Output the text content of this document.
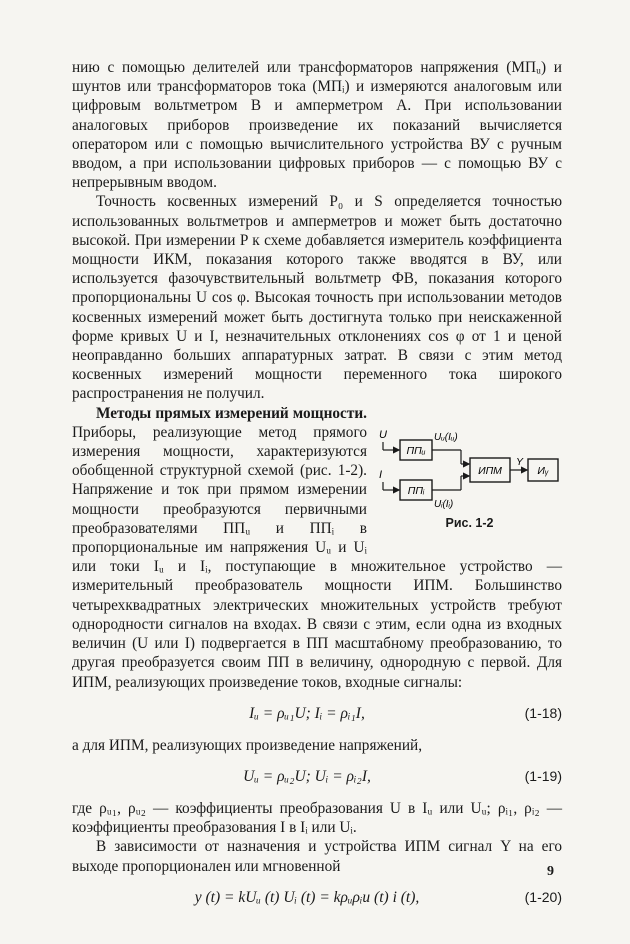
нию с помощью делителей или трансформаторов напряжения (МПᵤ) и шунтов или трансформаторов тока (МПᵢ) и измеряются аналоговым или цифровым вольтметром В и амперметром А. При использовании аналоговых приборов произведение их показаний вычисляется оператором или с помощью вычислительного устройства ВУ с ручным вводом, а при использовании цифровых приборов — с помощью ВУ с непрерывным вводом.

Точность косвенных измерений P₀ и S определяется точностью использованных вольтметров и амперметров и может быть достаточно высокой. При измерении P к схеме добавляется измеритель коэффициента мощности ИКМ, показания которого также вводятся в ВУ, или используется фазочувствительный вольтметр ФВ, показания которого пропорциональны U cos φ. Высокая точность при использовании методов косвенных измерений может быть достигнута только при неискаженной форме кривых U и I, незначительных отклонениях cos φ от 1 и ценой неоправданно больших аппаратурных затрат. В связи с этим метод косвенных измерений мощности переменного тока широкого распространения не получил.

U
ППᵤ
Uᵤ(Iᵤ)
I
ППᵢ
Uᵢ(Iᵢ)
ИПМ
Y
Иᵧ
Рис. 1-2

Методы прямых измерений мощности. Приборы, реализующие метод прямого измерения мощности, характеризуются обобщенной структурной схемой (рис. 1-2). Напряжение и ток при прямом измерении мощности преобразуются первичными преобразователями ППᵤ и ППᵢ в пропорциональные им напряжения Uᵤ и Uᵢ или токи Iᵤ и Iᵢ, поступающие в множительное устройство — измерительный преобразователь мощности ИПМ. Большинство четырехквадратных электрических множительных устройств требуют однородности сигналов на входах. В связи с этим, если одна из входных величин (U или I) подвергается в ПП масштабному преобразованию, то другая преобразуется своим ПП в величину, однородную с первой. Для ИПМ, реализующих произведение токов, входные сигналы:

Iᵤ = ρᵤ₁U; Iᵢ = ρᵢ₁I,	(1-18)

а для ИПМ, реализующих произведение напряжений,

Uᵤ = ρᵤ₂U; Uᵢ = ρᵢ₂I,	(1-19)

где ρᵤ₁, ρᵤ₂ — коэффициенты преобразования U в Iᵤ или Uᵤ; ρᵢ₁, ρᵢ₂ — коэффициенты преобразования I в Iᵢ или Uᵢ.

В зависимости от назначения и устройства ИПМ сигнал Y на его выходе пропорционален или мгновенной

y (t) = kUᵤ (t) Uᵢ (t) = kρᵤρᵢu (t) i (t),	(1-20)
9
